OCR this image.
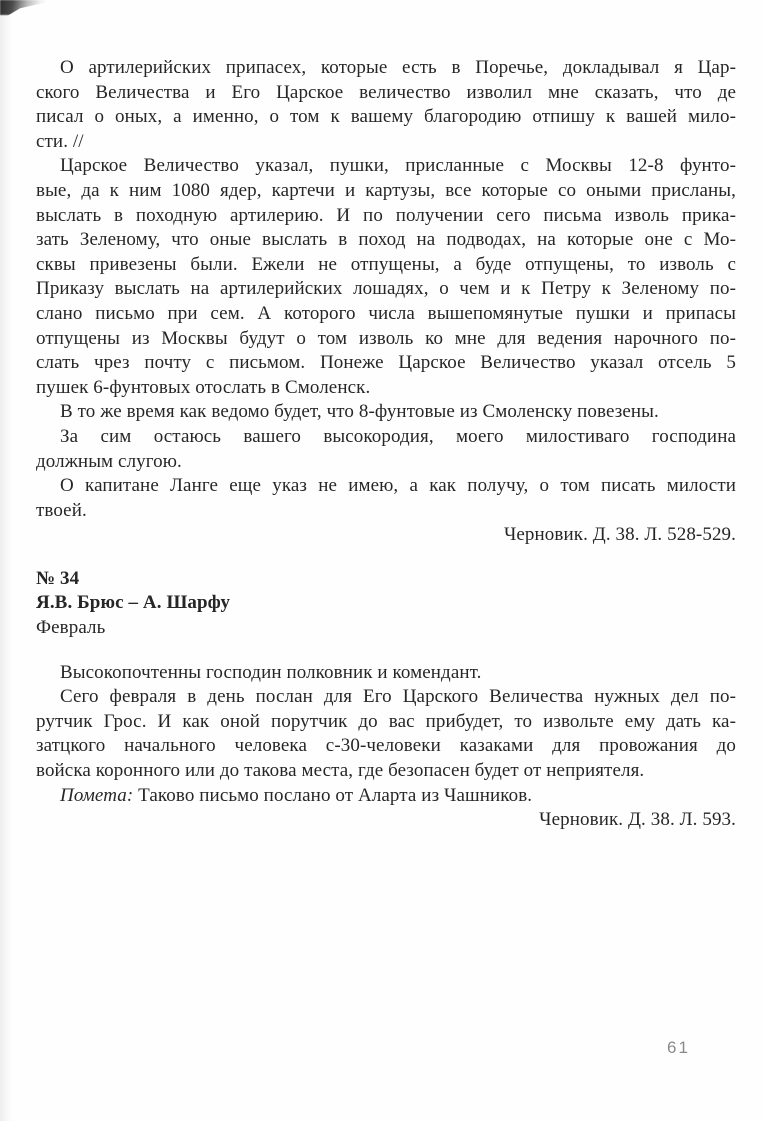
О артилерийских припасех, которые есть в Поречье, докладывал я Цар-
ского Величества и Его Царское величество изволил мне сказать, что де
писал о оных, а именно, о том к вашему благородию отпишу к вашей мило-
сти. //
Царское Величество указал, пушки, присланные с Москвы 12-8 фунто-
вые, да к ним 1080 ядер, картечи и картузы, все которые со оными присланы,
выслать в походную артилерию. И по получении сего письма изволь прика-
зать Зеленому, что оные выслать в поход на подводах, на которые оне с Мо-
сквы привезены были. Ежели не отпущены, а буде отпущены, то изволь с
Приказу выслать на артилерийских лошадях, о чем и к Петру к Зеленому по-
слано письмо при сем. А которого числа вышепомянутые пушки и припасы
отпущены из Москвы будут о том изволь ко мне для ведения нарочного по-
слать чрез почту с письмом. Понеже Царское Величество указал отсель 5
пушек 6-фунтовых отослать в Смоленск.
В то же время как ведомо будет, что 8-фунтовые из Смоленску повезены.
За сим остаюсь вашего высокородия, моего милостиваго господина
должным слугою.
О капитане Ланге еще указ не имею, а как получу, о том писать милости
твоей.
Черновик. Д. 38. Л. 528-529.
№ 34
Я.В. Брюс – А. Шарфу
Февраль
Высокопочтенны господин полковник и комендант.
Сего февраля в день послан для Его Царского Величества нужных дел по-
рутчик Грос. И как оной порутчик до вас прибудет, то извольте ему дать ка-
затцкого начального человека с-30-человеки казаками для провожания до
войска коронного или до такова места, где безопасен будет от неприятеля.
Помета: Таково письмо послано от Аларта из Чашников.
Черновик. Д. 38. Л. 593.
61
